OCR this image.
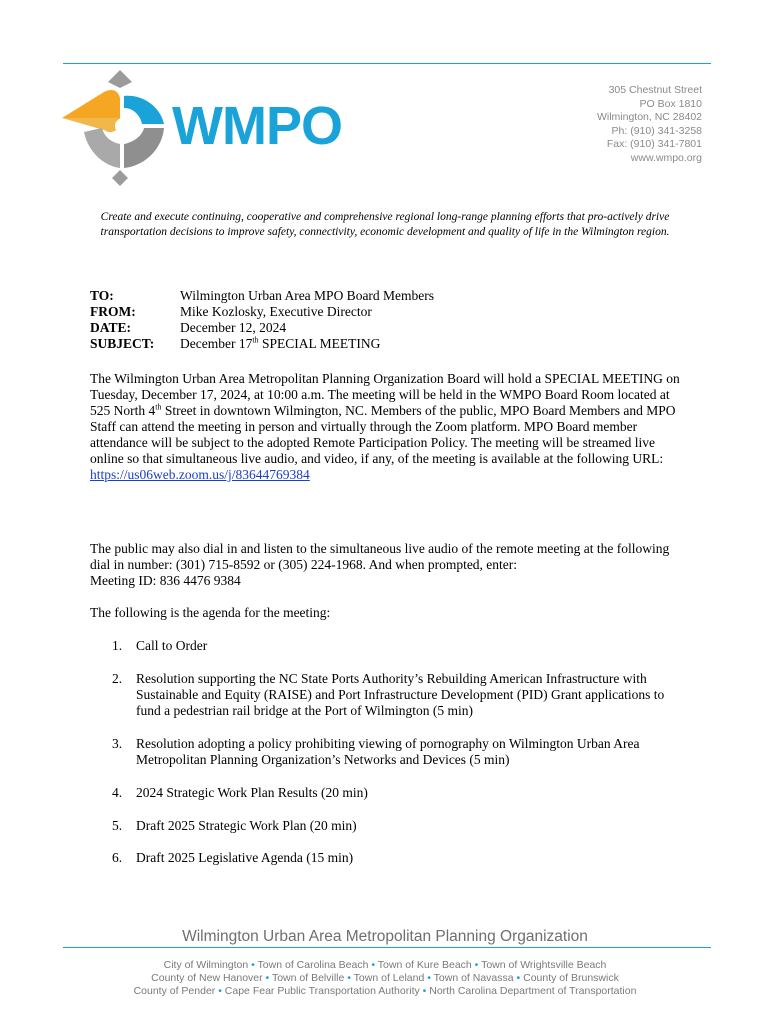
WMPO
305 Chestnut Street
PO Box 1810
Wilmington, NC 28402
Ph: (910) 341-3258
Fax: (910) 341-7801
www.wmpo.org
Create and execute continuing, cooperative and comprehensive regional long-range planning efforts that pro-actively drive transportation decisions to improve safety, connectivity, economic development and quality of life in the Wilmington region.
TO:	Wilmington Urban Area MPO Board Members
FROM:	Mike Kozlosky, Executive Director
DATE:	December 12, 2024
SUBJECT:	December 17th SPECIAL MEETING
The Wilmington Urban Area Metropolitan Planning Organization Board will hold a SPECIAL MEETING on Tuesday, December 17, 2024, at 10:00 a.m. The meeting will be held in the WMPO Board Room located at 525 North 4th Street in downtown Wilmington, NC. Members of the public, MPO Board Members and MPO Staff can attend the meeting in person and virtually through the Zoom platform. MPO Board member attendance will be subject to the adopted Remote Participation Policy. The meeting will be streamed live online so that simultaneous live audio, and video, if any, of the meeting is available at the following URL:
https://us06web.zoom.us/j/83644769384
The public may also dial in and listen to the simultaneous live audio of the remote meeting at the following dial in number: (301) 715-8592 or (305) 224-1968. And when prompted, enter:
Meeting ID: 836 4476 9384
The following is the agenda for the meeting:
1.	Call to Order
2.	Resolution supporting the NC State Ports Authority’s Rebuilding American Infrastructure with Sustainable and Equity (RAISE) and Port Infrastructure Development (PID) Grant applications to fund a pedestrian rail bridge at the Port of Wilmington (5 min)
3.	Resolution adopting a policy prohibiting viewing of pornography on Wilmington Urban Area Metropolitan Planning Organization’s Networks and Devices (5 min)
4.	2024 Strategic Work Plan Results (20 min)
5.	Draft 2025 Strategic Work Plan (20 min)
6.	Draft 2025 Legislative Agenda (15 min)
Wilmington Urban Area Metropolitan Planning Organization
City of Wilmington • Town of Carolina Beach • Town of Kure Beach • Town of Wrightsville Beach
County of New Hanover • Town of Belville • Town of Leland • Town of Navassa • County of Brunswick
County of Pender • Cape Fear Public Transportation Authority • North Carolina Department of Transportation
